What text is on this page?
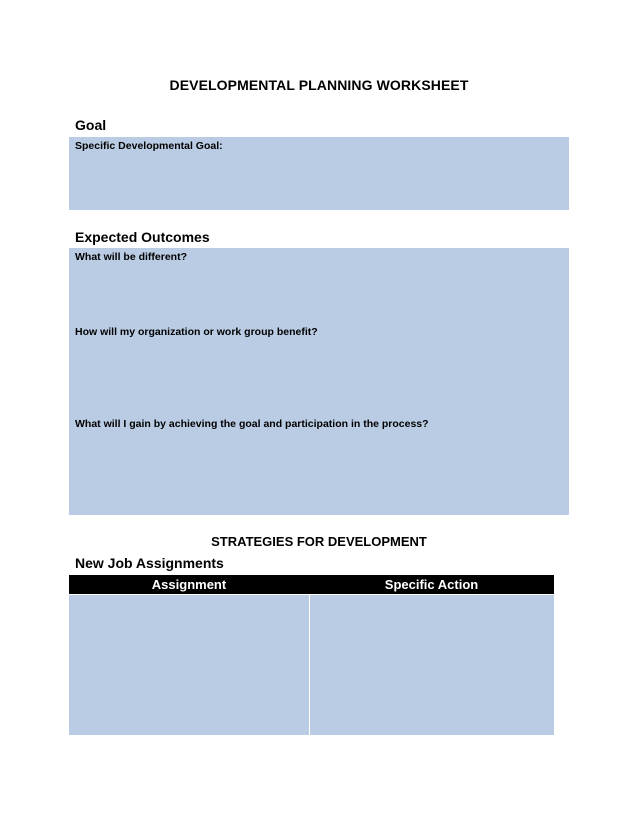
DEVELOPMENTAL PLANNING WORKSHEET
Goal
Specific Developmental Goal:
Expected Outcomes
What will be different?
How will my organization or work group benefit?
What will I gain by achieving the goal and participation in the process?
STRATEGIES FOR DEVELOPMENT
New Job Assignments
Assignment	Specific Action
